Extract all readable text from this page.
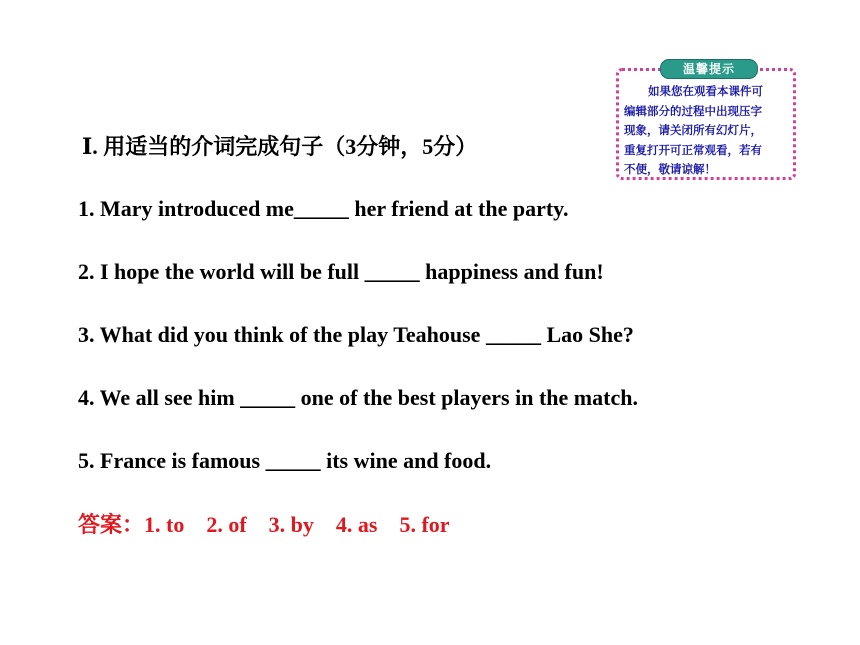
温馨提示
如果您在观看本课件可
编辑部分的过程中出现压字
现象，请关闭所有幻灯片，
重复打开可正常观看，若有
不便，敬请谅解！
Ⅰ. 用适当的介词完成句子（3分钟，5分）
1. Mary introduced me_____ her friend at the party.
2. I hope the world will be full _____ happiness and fun!
3. What did you think of the play Teahouse _____ Lao She?
4. We all see him _____ one of the best players in the match.
5. France is famous _____ its wine and food.
答案：1. to 2. of 3. by 4. as 5. for
